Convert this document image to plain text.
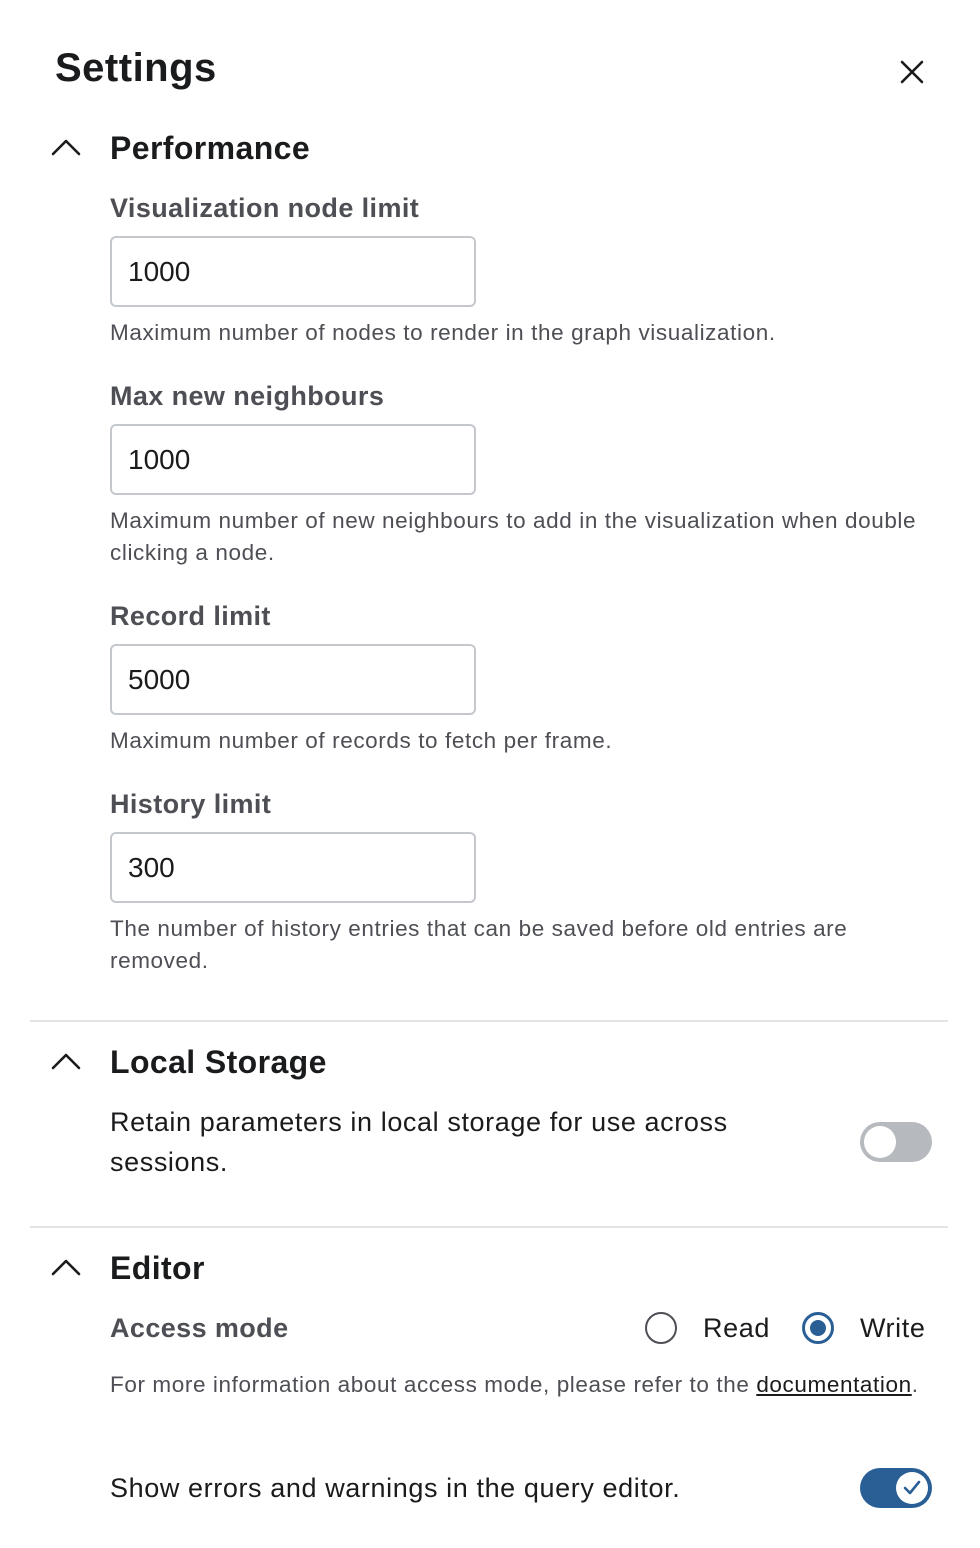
Settings
Performance
Visualization node limit
1000
Maximum number of nodes to render in the graph visualization.
Max new neighbours
1000
Maximum number of new neighbours to add in the visualization when double clicking a node.
Record limit
5000
Maximum number of records to fetch per frame.
History limit
300
The number of history entries that can be saved before old entries are removed.
Local Storage
Retain parameters in local storage for use across sessions.
Editor
Access mode	Read	Write
For more information about access mode, please refer to the documentation.
Show errors and warnings in the query editor.
